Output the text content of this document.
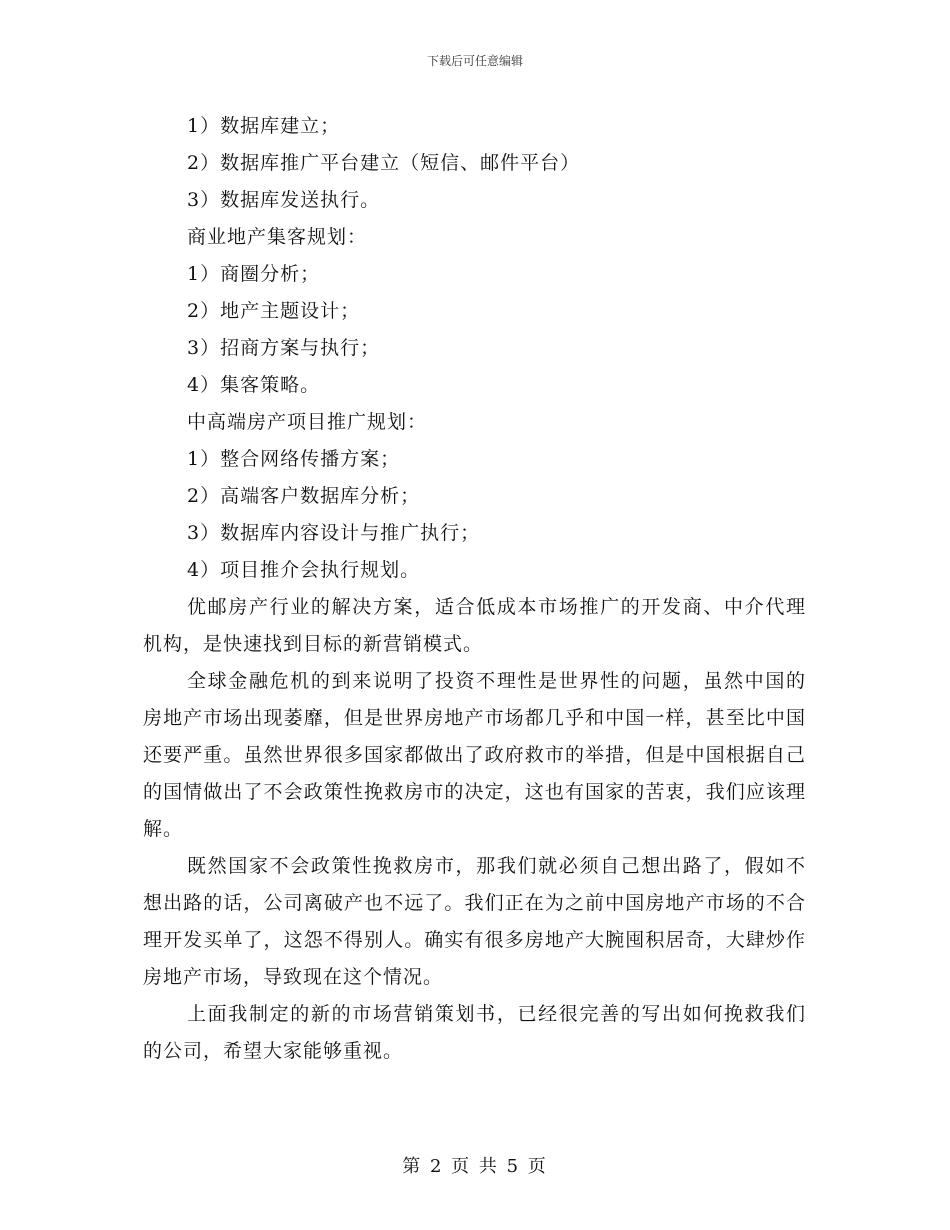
下载后可任意编辑

1）数据库建立；

2）数据库推广平台建立（短信、邮件平台）

3）数据库发送执行。

商业地产集客规划：

1）商圈分析；

2）地产主题设计；

3）招商方案与执行；

4）集客策略。

中高端房产项目推广规划：

1）整合网络传播方案；

2）高端客户数据库分析；

3）数据库内容设计与推广执行；

4）项目推介会执行规划。

优邮房产行业的解决方案，适合低成本市场推广的开发商、中介代理机构，是快速找到目标的新营销模式。

全球金融危机的到来说明了投资不理性是世界性的问题，虽然中国的房地产市场出现萎靡，但是世界房地产市场都几乎和中国一样，甚至比中国还要严重。虽然世界很多国家都做出了政府救市的举措，但是中国根据自己的国情做出了不会政策性挽救房市的决定，这也有国家的苦衷，我们应该理解。

既然国家不会政策性挽救房市，那我们就必须自己想出路了，假如不想出路的话，公司离破产也不远了。我们正在为之前中国房地产市场的不合理开发买单了，这怨不得别人。确实有很多房地产大腕囤积居奇，大肆炒作房地产市场，导致现在这个情况。

上面我制定的新的市场营销策划书，已经很完善的写出如何挽救我们的公司，希望大家能够重视。

第 2 页 共 5 页
